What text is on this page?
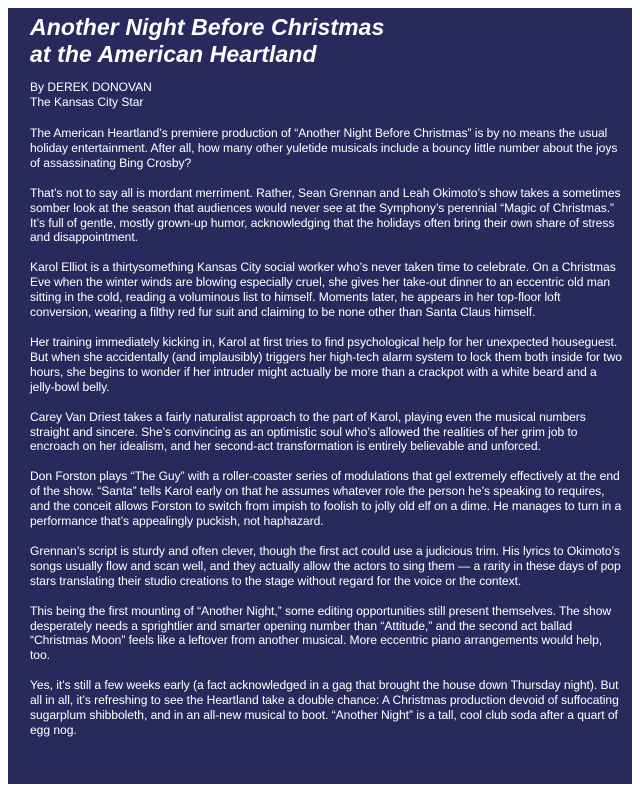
Another Night Before Christmas
at the American Heartland
By DEREK DONOVAN
The Kansas City Star

The American Heartland’s premiere production of “Another Night Before Christmas” is by no means the usual holiday entertainment. After all, how many other yuletide musicals include a bouncy little number about the joys of assassinating Bing Crosby?

That’s not to say all is mordant merriment. Rather, Sean Grennan and Leah Okimoto’s show takes a sometimes somber look at the season that audiences would never see at the Symphony’s perennial “Magic of Christmas.” It’s full of gentle, mostly grown-up humor, acknowledging that the holidays often bring their own share of stress and disappointment.

Karol Elliot is a thirtysomething Kansas City social worker who’s never taken time to celebrate. On a Christmas Eve when the winter winds are blowing especially cruel, she gives her take-out dinner to an eccentric old man sitting in the cold, reading a voluminous list to himself. Moments later, he appears in her top-floor loft conversion, wearing a filthy red fur suit and claiming to be none other than Santa Claus himself.

Her training immediately kicking in, Karol at first tries to find psychological help for her unexpected houseguest. But when she accidentally (and implausibly) triggers her high-tech alarm system to lock them both inside for two hours, she begins to wonder if her intruder might actually be more than a crackpot with a white beard and a jelly-bowl belly.

Carey Van Driest takes a fairly naturalist approach to the part of Karol, playing even the musical numbers straight and sincere. She’s convincing as an optimistic soul who’s allowed the realities of her grim job to encroach on her idealism, and her second-act transformation is entirely believable and unforced.

Don Forston plays “The Guy” with a roller-coaster series of modulations that gel extremely effectively at the end of the show. “Santa” tells Karol early on that he assumes whatever role the person he’s speaking to requires, and the conceit allows Forston to switch from impish to foolish to jolly old elf on a dime. He manages to turn in a performance that’s appealingly puckish, not haphazard.

Grennan’s script is sturdy and often clever, though the first act could use a judicious trim. His lyrics to Okimoto’s songs usually flow and scan well, and they actually allow the actors to sing them — a rarity in these days of pop stars translating their studio creations to the stage without regard for the voice or the context.

This being the first mounting of “Another Night,” some editing opportunities still present themselves. The show desperately needs a sprightlier and smarter opening number than “Attitude,” and the second act ballad “Christmas Moon” feels like a leftover from another musical. More eccentric piano arrangements would help, too.

Yes, it’s still a few weeks early (a fact acknowledged in a gag that brought the house down Thursday night). But all in all, it’s refreshing to see the Heartland take a double chance: A Christmas production devoid of suffocating sugarplum shibboleth, and in an all-new musical to boot. “Another Night” is a tall, cool club soda after a quart of egg nog.
